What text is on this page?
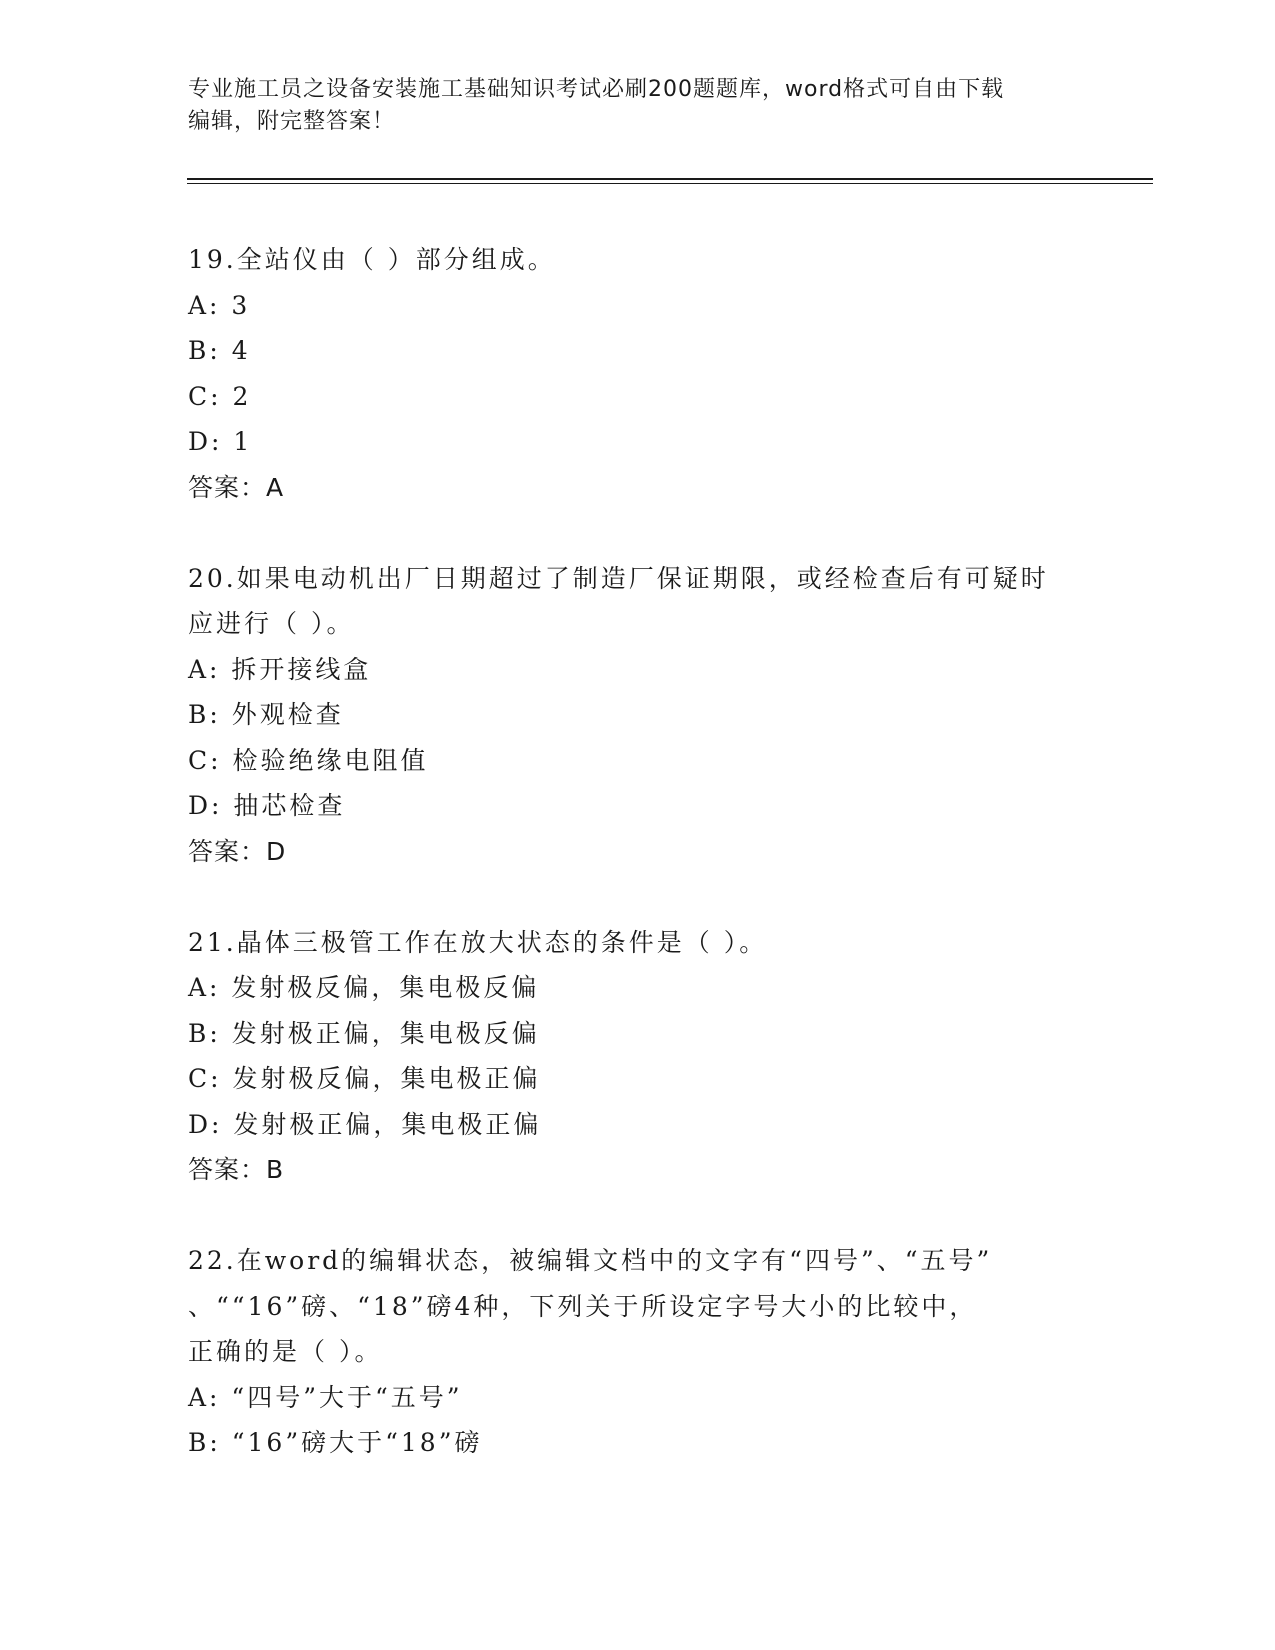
专业施工员之设备安装施工基础知识考试必刷200题题库，word格式可自由下载
编辑，附完整答案！
19.全站仪由（ ）部分组成。
A: 3
B: 4
C: 2
D: 1
答案：A
20.如果电动机出厂日期超过了制造厂保证期限，或经检查后有可疑时
应进行（ ）。
A: 拆开接线盒
B: 外观检查
C: 检验绝缘电阻值
D: 抽芯检查
答案：D
21.晶体三极管工作在放大状态的条件是（ ）。
A: 发射极反偏，集电极反偏
B: 发射极正偏，集电极反偏
C: 发射极反偏，集电极正偏
D: 发射极正偏，集电极正偏
答案：B
22.在word的编辑状态，被编辑文档中的文字有“四号”、“五号”
、““16”磅、“18”磅4种，下列关于所设定字号大小的比较中，
正确的是（ ）。
A: “四号”大于“五号”
B: “16”磅大于“18”磅
